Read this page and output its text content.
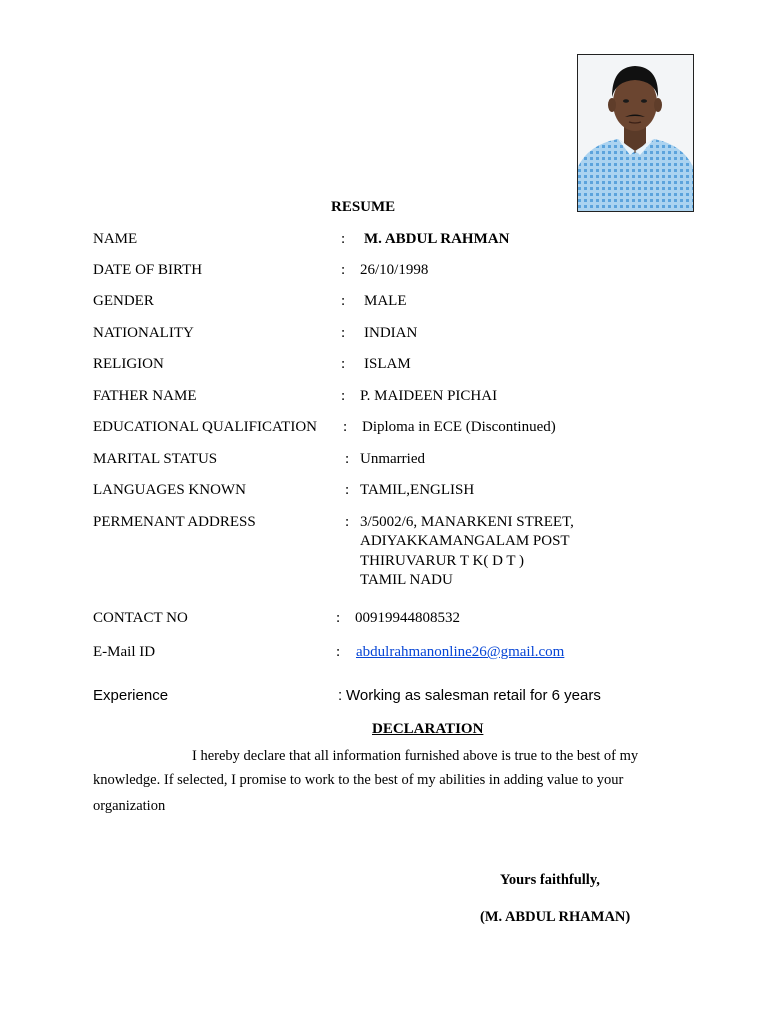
RESUME
NAME	: M. ABDUL RAHMAN
DATE OF BIRTH	: 26/10/1998
GENDER	: MALE
NATIONALITY	: INDIAN
RELIGION	: ISLAM
FATHER NAME	: P. MAIDEEN PICHAI
EDUCATIONAL QUALIFICATION : Diploma in ECE (Discontinued)
MARITAL STATUS	: Unmarried
LANGUAGES KNOWN	: TAMIL,ENGLISH
PERMENANT ADDRESS	: 3/5002/6, MANARKENI STREET,
ADIYAKKAMANGALAM POST
THIRUVARUR T K( D T )
TAMIL NADU
CONTACT NO	: 00919944808532
E-Mail ID	: abdulrahmanonline26@gmail.com
Experience	: Working as salesman retail for 6 years
DECLARATION
I hereby declare that all information furnished above is true to the best of my
knowledge. If selected, I promise to work to the best of my abilities in adding value to your
organization
Yours faithfully,
(M. ABDUL RHAMAN)
